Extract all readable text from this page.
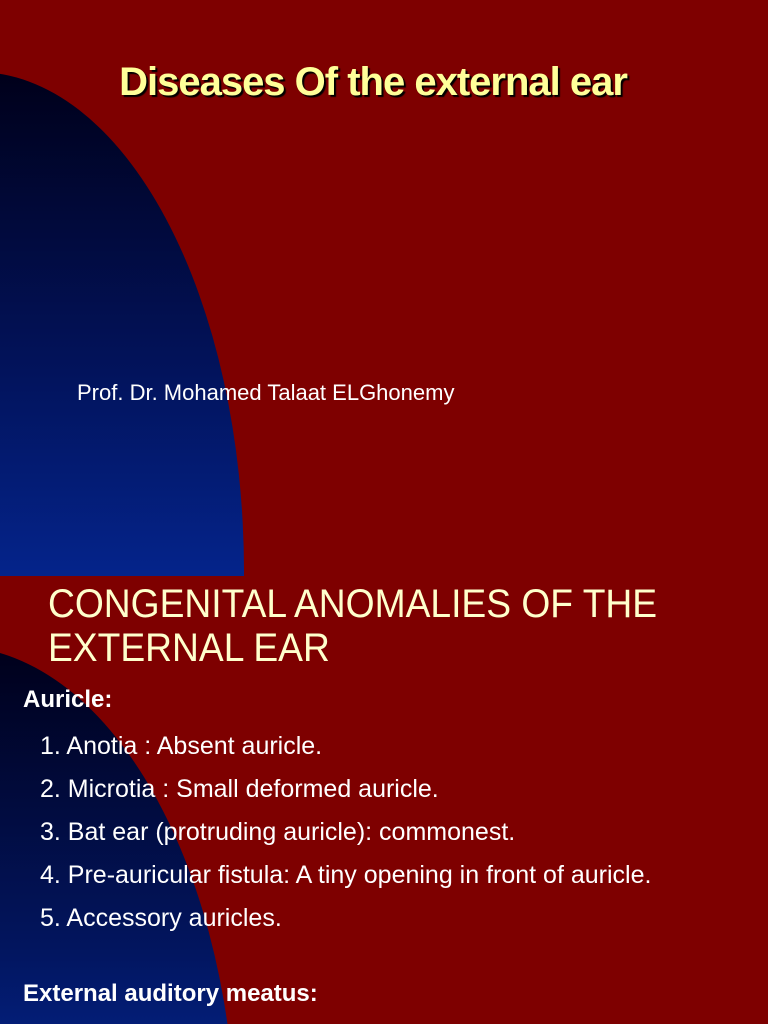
Diseases Of the external ear
Prof. Dr. Mohamed Talaat ELGhonemy
CONGENITAL ANOMALIES OF THE EXTERNAL EAR
Auricle:
1. Anotia : Absent auricle.
2. Microtia : Small deformed auricle.
3. Bat ear (protruding auricle): commonest.
4. Pre-auricular fistula: A tiny opening in front of auricle.
5. Accessory auricles.
External auditory meatus:
